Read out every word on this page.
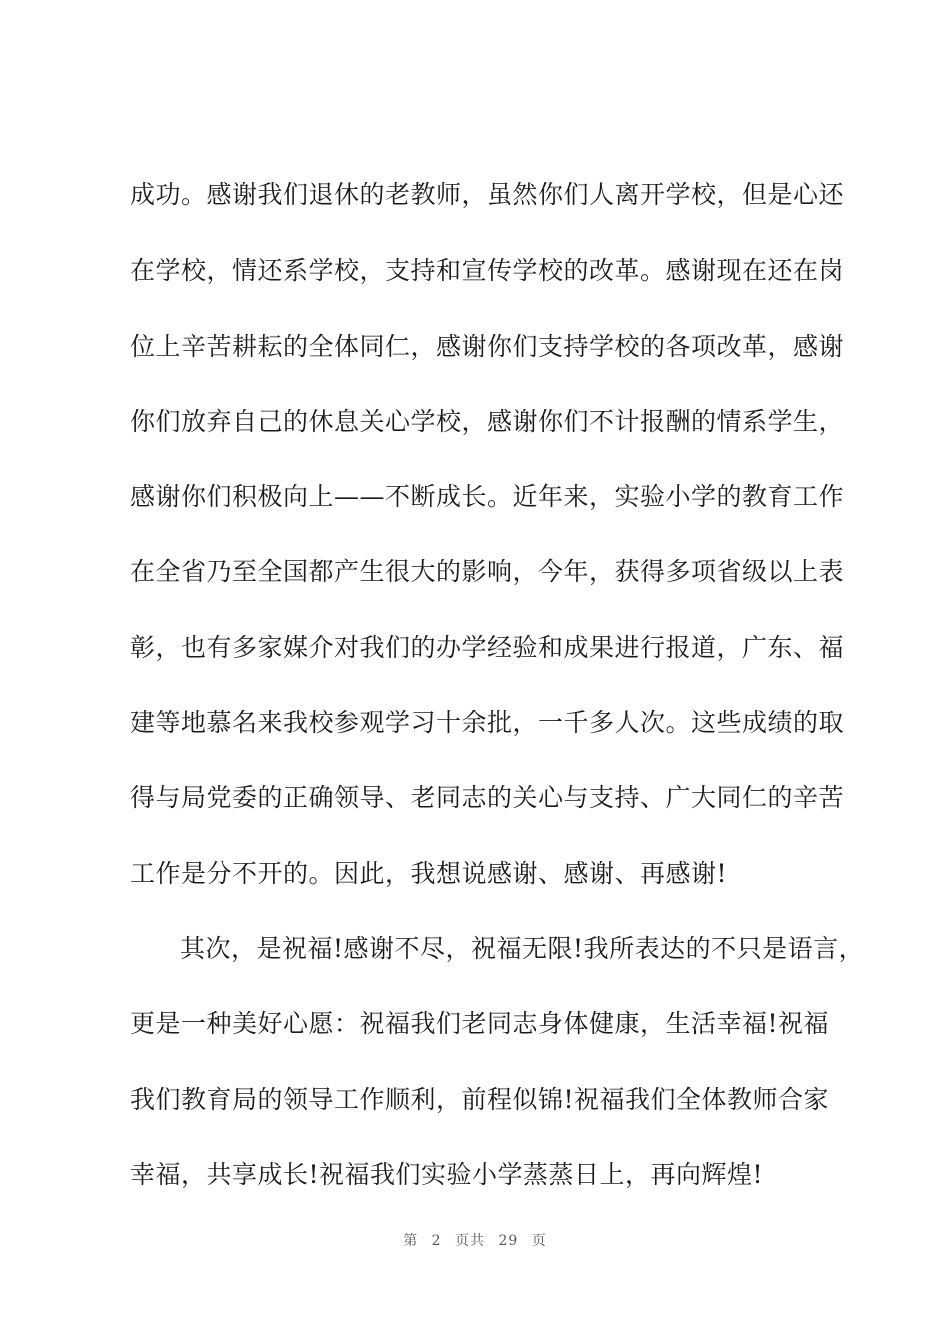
成功。感谢我们退休的老教师，虽然你们人离开学校，但是心还
在学校，情还系学校，支持和宣传学校的改革。感谢现在还在岗
位上辛苦耕耘的全体同仁，感谢你们支持学校的各项改革，感谢
你们放弃自己的休息关心学校，感谢你们不计报酬的情系学生，
感谢你们积极向上——不断成长。近年来，实验小学的教育工作
在全省乃至全国都产生很大的影响，今年，获得多项省级以上表
彰，也有多家媒介对我们的办学经验和成果进行报道，广东、福
建等地慕名来我校参观学习十余批，一千多人次。这些成绩的取
得与局党委的正确领导、老同志的关心与支持、广大同仁的辛苦
工作是分不开的。因此，我想说感谢、感谢、再感谢!
其次，是祝福!感谢不尽，祝福无限!我所表达的不只是语言，
更是一种美好心愿：祝福我们老同志身体健康，生活幸福!祝福
我们教育局的领导工作顺利，前程似锦!祝福我们全体教师合家
幸福，共享成长!祝福我们实验小学蒸蒸日上，再向辉煌!
第 2 页共 29 页
